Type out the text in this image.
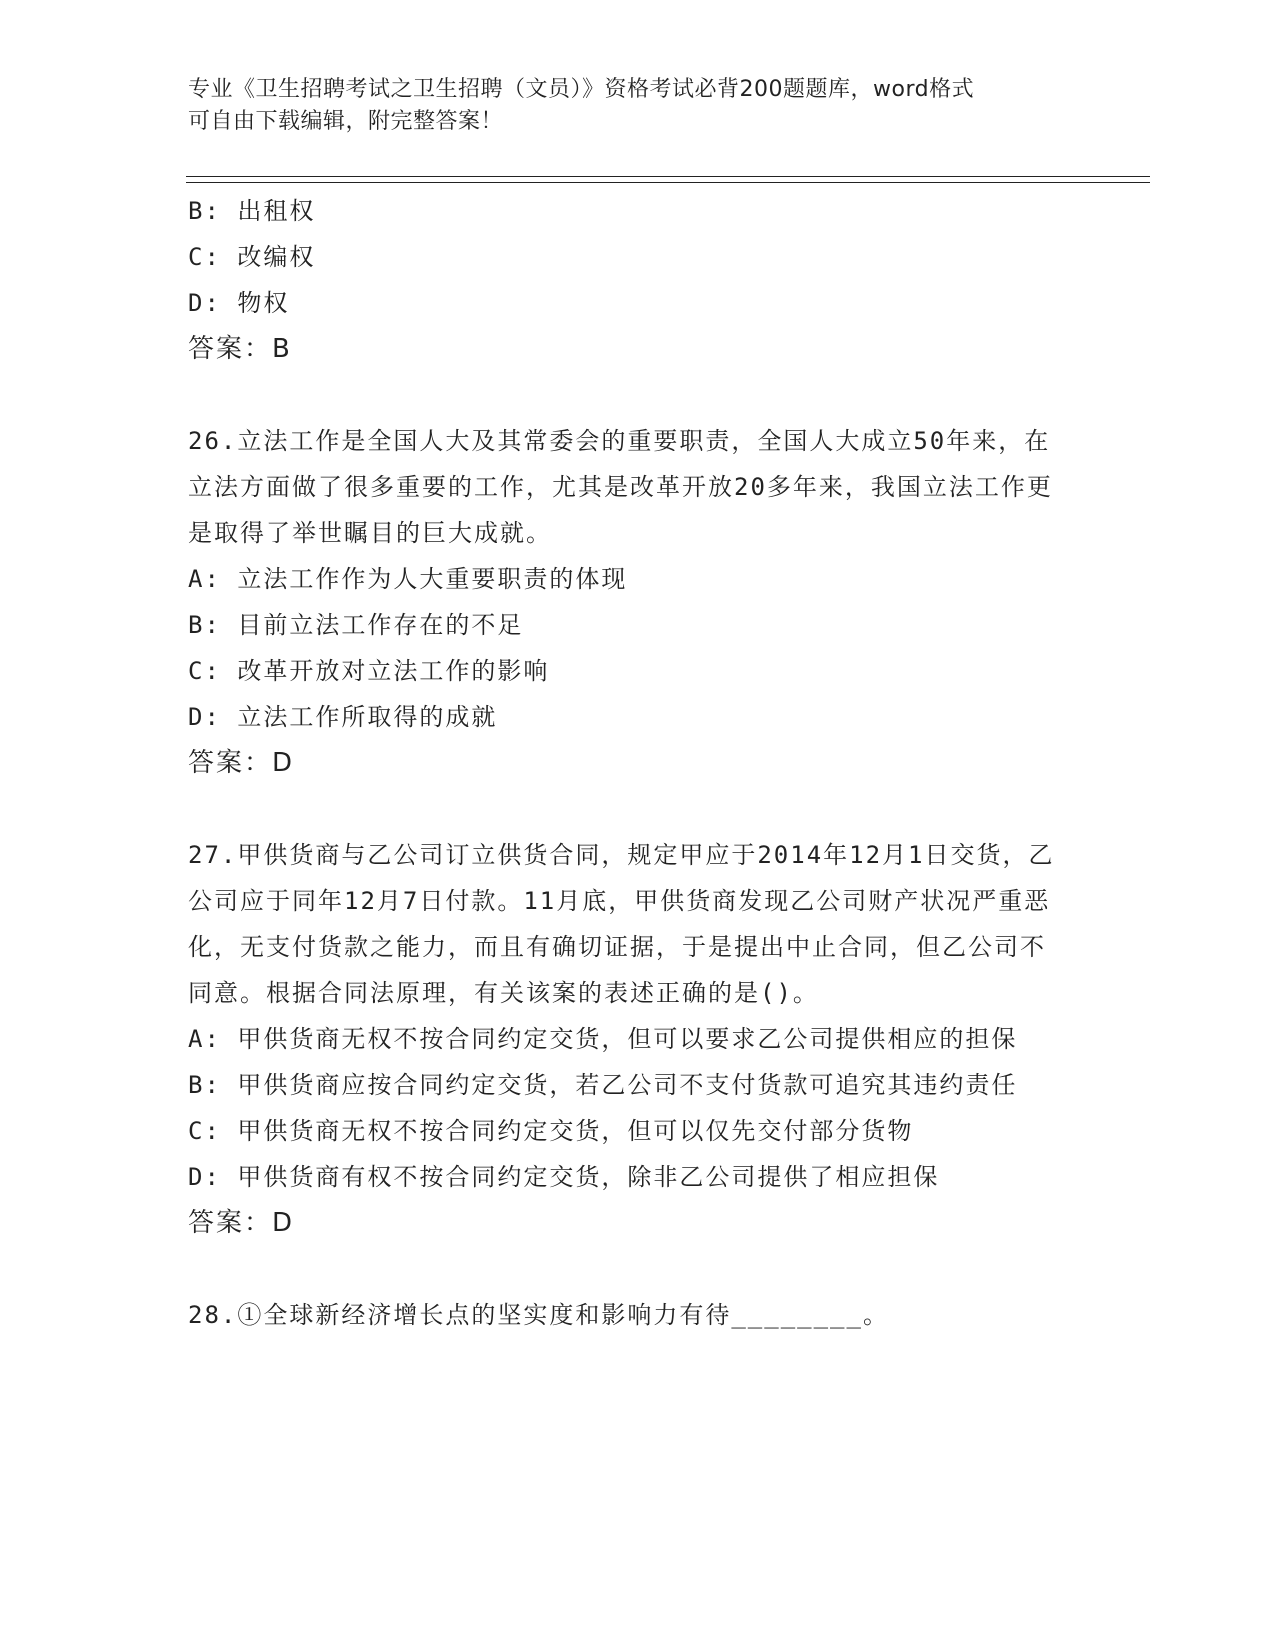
专业《卫生招聘考试之卫生招聘（文员）》资格考试必背200题题库，word格式
可自由下载编辑，附完整答案！
B: 出租权
C: 改编权
D: 物权
答案：B
26.立法工作是全国人大及其常委会的重要职责，全国人大成立50年来，在立法方面做了很多重要的工作，尤其是改革开放20多年来，我国立法工作更是取得了举世瞩目的巨大成就。
A: 立法工作作为人大重要职责的体现
B: 目前立法工作存在的不足
C: 改革开放对立法工作的影响
D: 立法工作所取得的成就
答案：D
27.甲供货商与乙公司订立供货合同，规定甲应于2014年12月1日交货，乙公司应于同年12月7日付款。11月底，甲供货商发现乙公司财产状况严重恶化，无支付货款之能力，而且有确切证据，于是提出中止合同，但乙公司不同意。根据合同法原理，有关该案的表述正确的是()。
A: 甲供货商无权不按合同约定交货，但可以要求乙公司提供相应的担保
B: 甲供货商应按合同约定交货，若乙公司不支付货款可追究其违约责任
C: 甲供货商无权不按合同约定交货，但可以仅先交付部分货物
D: 甲供货商有权不按合同约定交货，除非乙公司提供了相应担保
答案：D
28.①全球新经济增长点的坚实度和影响力有待________。
